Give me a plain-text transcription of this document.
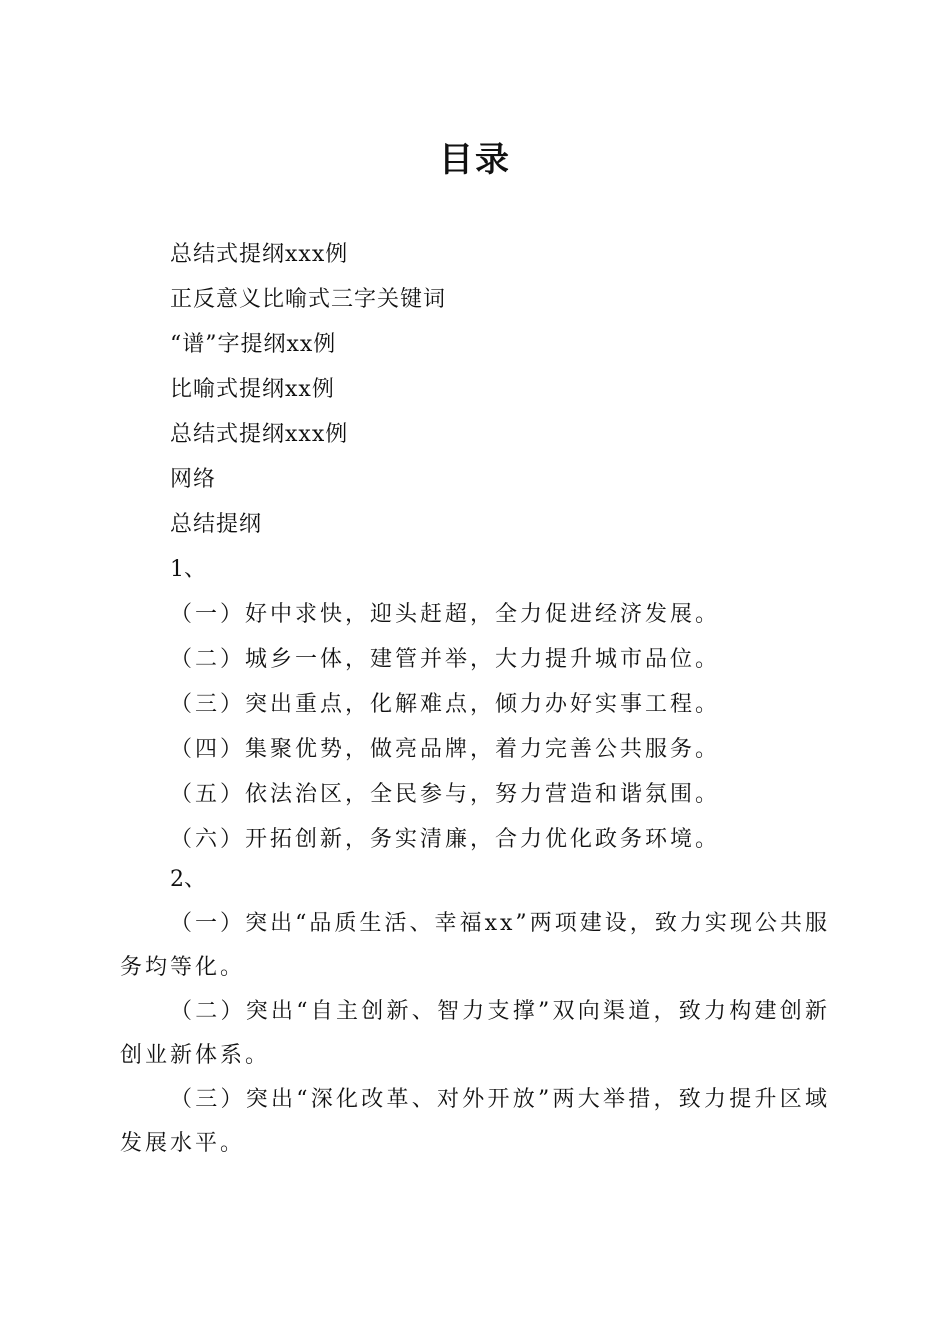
目录
总结式提纲xxx例
正反意义比喻式三字关键词
“谱”字提纲xx例
比喻式提纲xx例
总结式提纲xxx例
网络
总结提纲
1、
（一）好中求快，迎头赶超，全力促进经济发展。
（二）城乡一体，建管并举，大力提升城市品位。
（三）突出重点，化解难点，倾力办好实事工程。
（四）集聚优势，做亮品牌，着力完善公共服务。
（五）依法治区，全民参与，努力营造和谐氛围。
（六）开拓创新，务实清廉，合力优化政务环境。
2、

（一）突出“品质生活、幸福xx”两项建设，致力实现公共服务均等化。

（二）突出“自主创新、智力支撑”双向渠道，致力构建创新创业新体系。

（三）突出“深化改革、对外开放”两大举措，致力提升区域发展水平。
